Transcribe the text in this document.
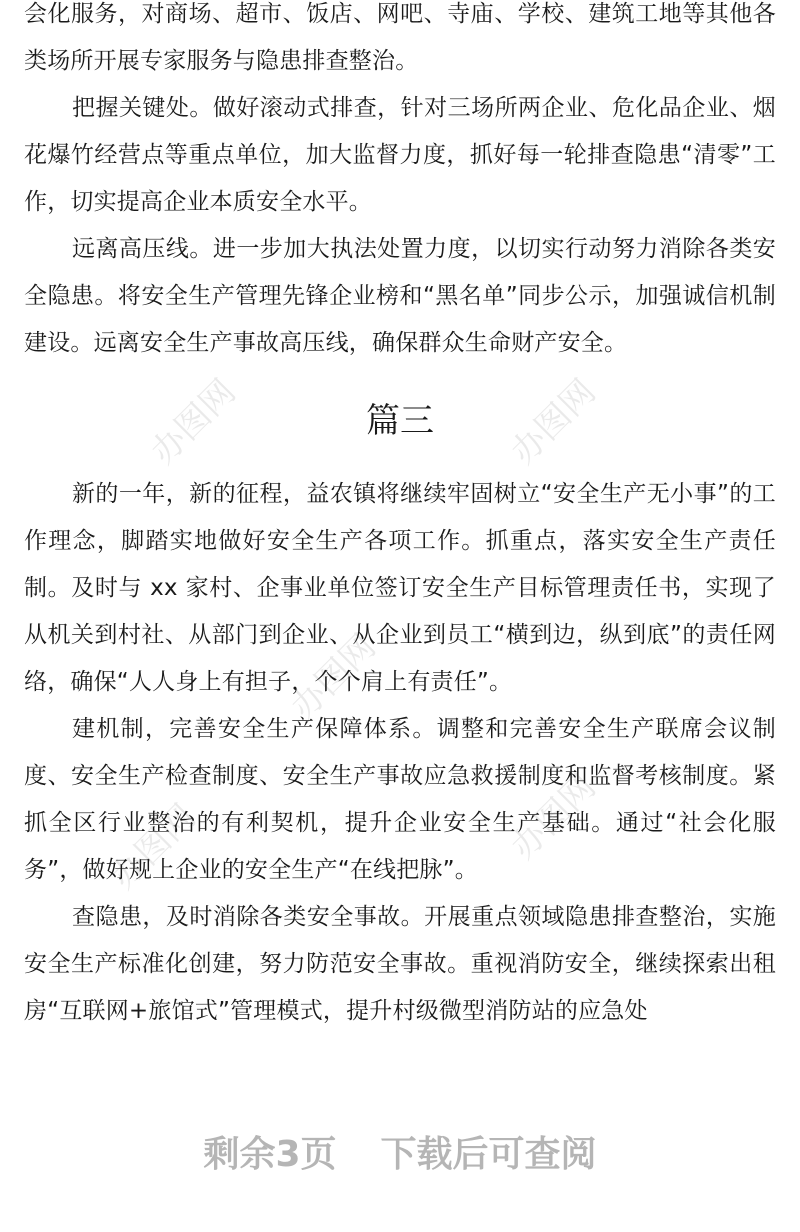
办图网	办图网
办图网
办图网	办图网

会化服务，对商场、超市、饭店、网吧、寺庙、学校、建筑工地等其他各类场所开展专家服务与隐患排查整治。

把握关键处。做好滚动式排查，针对三场所两企业、危化品企业、烟花爆竹经营点等重点单位，加大监督力度，抓好每一轮排查隐患“清零”工作，切实提高企业本质安全水平。

远离高压线。进一步加大执法处置力度，以切实行动努力消除各类安全隐患。将安全生产管理先锋企业榜和“黑名单”同步公示，加强诚信机制建设。远离安全生产事故高压线，确保群众生命财产安全。

篇三

新的一年，新的征程，益农镇将继续牢固树立“安全生产无小事”的工作理念，脚踏实地做好安全生产各项工作。抓重点，落实安全生产责任制。及时与 xx 家村、企事业单位签订安全生产目标管理责任书，实现了从机关到村社、从部门到企业、从企业到员工“横到边，纵到底”的责任网络，确保“人人身上有担子，个个肩上有责任”。

建机制，完善安全生产保障体系。调整和完善安全生产联席会议制度、安全生产检查制度、安全生产事故应急救援制度和监督考核制度。紧抓全区行业整治的有利契机，提升企业安全生产基础。通过“社会化服务”，做好规上企业的安全生产“在线把脉”。

查隐患，及时消除各类安全事故。开展重点领域隐患排查整治，实施安全生产标准化创建，努力防范安全事故。重视消防安全，继续探索出租房“互联网+旅馆式”管理模式，提升村级微型消防站的应急处

剩余3页 下载后可查阅
